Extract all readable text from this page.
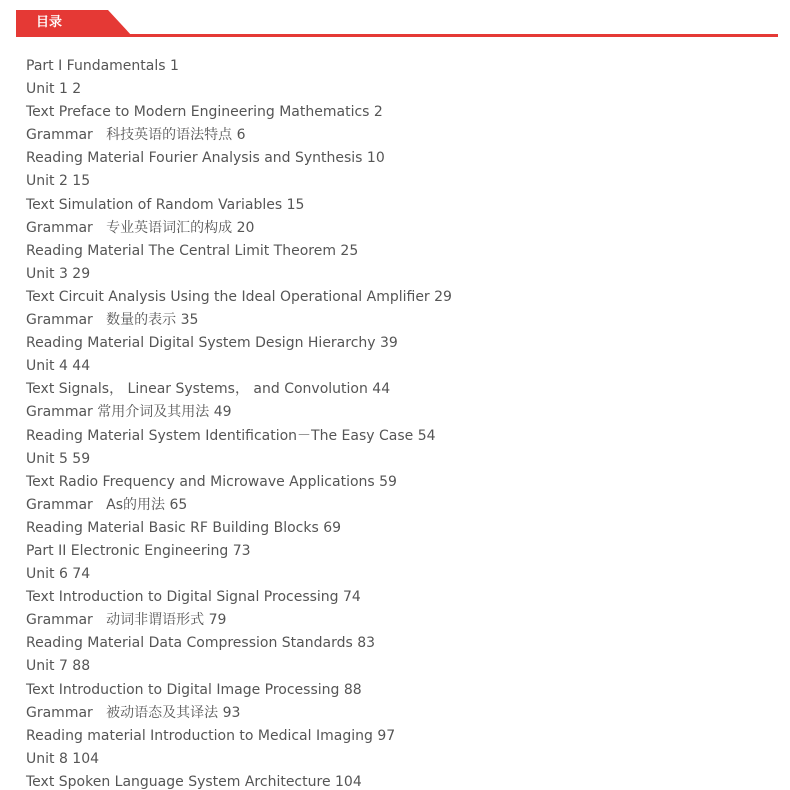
目录
Part I Fundamentals 1
Unit 1 2
Text Preface to Modern Engineering Mathematics 2
Grammar   科技英语的语法特点 6
Reading Material Fourier Analysis and Synthesis 10
Unit 2 15
Text Simulation of Random Variables 15
Grammar   专业英语词汇的构成 20
Reading Material The Central Limit Theorem 25
Unit 3 29
Text Circuit Analysis Using the Ideal Operational Amplifier 29
Grammar   数量的表示 35
Reading Material Digital System Design Hierarchy 39
Unit 4 44
Text Signals， Linear Systems， and Convolution 44
Grammar 常用介词及其用法 49
Reading Material System Identification－The Easy Case 54
Unit 5 59
Text Radio Frequency and Microwave Applications 59
Grammar   As的用法 65
Reading Material Basic RF Building Blocks 69
Part II Electronic Engineering 73
Unit 6 74
Text Introduction to Digital Signal Processing 74
Grammar   动词非谓语形式 79
Reading Material Data Compression Standards 83
Unit 7 88
Text Introduction to Digital Image Processing 88
Grammar   被动语态及其译法 93
Reading material Introduction to Medical Imaging 97
Unit 8 104
Text Spoken Language System Architecture 104
